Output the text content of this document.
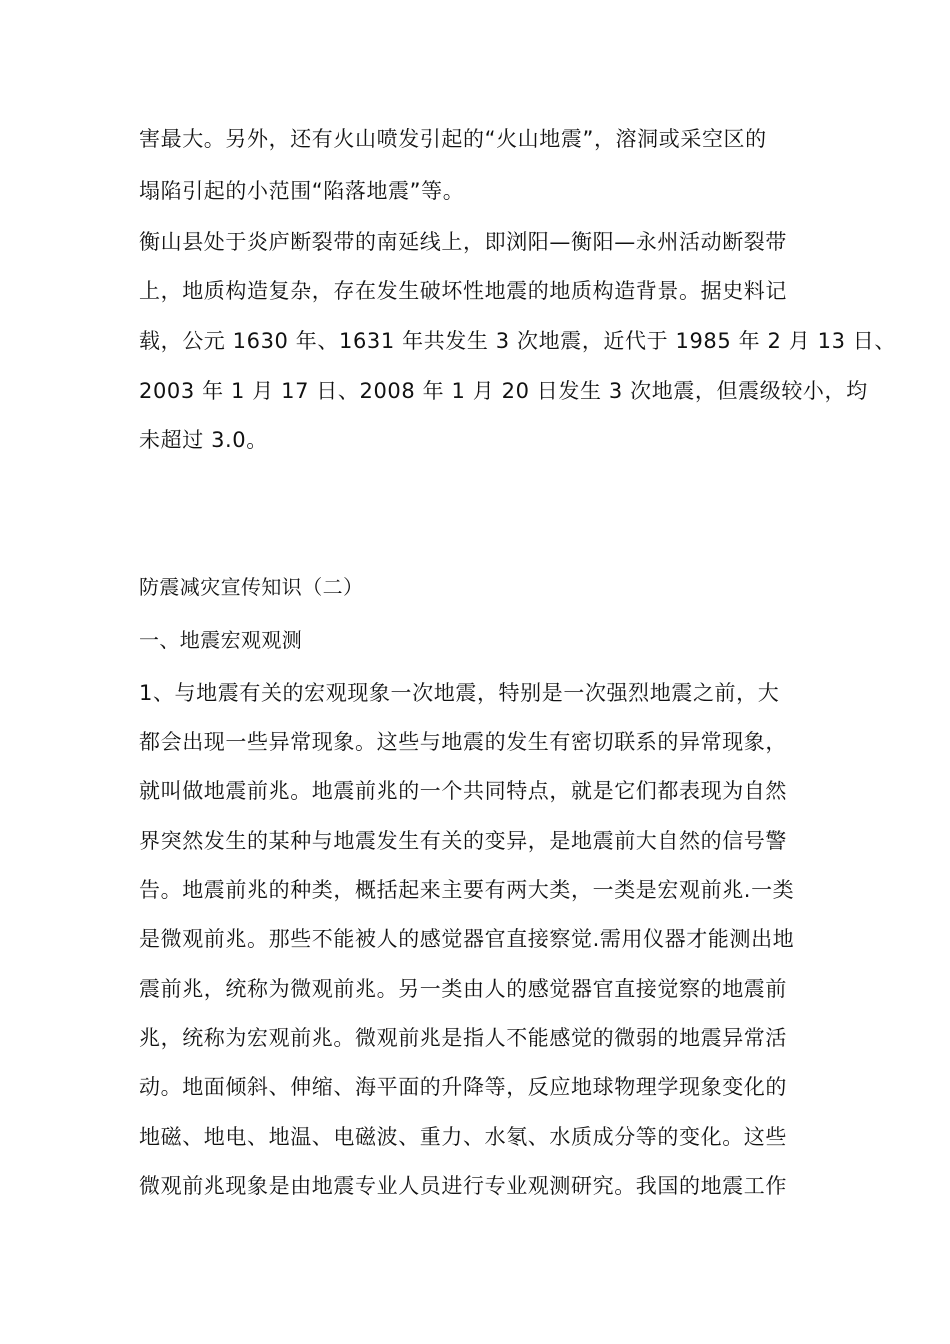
害最大。另外，还有火山喷发引起的“火山地震”，溶洞或采空区的
塌陷引起的小范围“陷落地震”等。
衡山县处于炎庐断裂带的南延线上，即浏阳—衡阳—永州活动断裂带
上，地质构造复杂，存在发生破坏性地震的地质构造背景。据史料记
载，公元 1630 年、1631 年共发生 3 次地震，近代于 1985 年 2 月 13 日、
2003 年 1 月 17 日、2008 年 1 月 20 日发生 3 次地震，但震级较小，均
未超过 3.0。
防震减灾宣传知识（二）
一、地震宏观观测
1、与地震有关的宏观现象一次地震，特别是一次强烈地震之前，大
都会出现一些异常现象。这些与地震的发生有密切联系的异常现象，
就叫做地震前兆。地震前兆的一个共同特点，就是它们都表现为自然
界突然发生的某种与地震发生有关的变异，是地震前大自然的信号警
告。地震前兆的种类，概括起来主要有两大类，一类是宏观前兆.一类
是微观前兆。那些不能被人的感觉器官直接察觉.需用仪器才能测出地
震前兆，统称为微观前兆。另一类由人的感觉器官直接觉察的地震前
兆，统称为宏观前兆。微观前兆是指人不能感觉的微弱的地震异常活
动。地面倾斜、伸缩、海平面的升降等，反应地球物理学现象变化的
地磁、地电、地温、电磁波、重力、水氡、水质成分等的变化。这些
微观前兆现象是由地震专业人员进行专业观测研究。我国的地震工作
